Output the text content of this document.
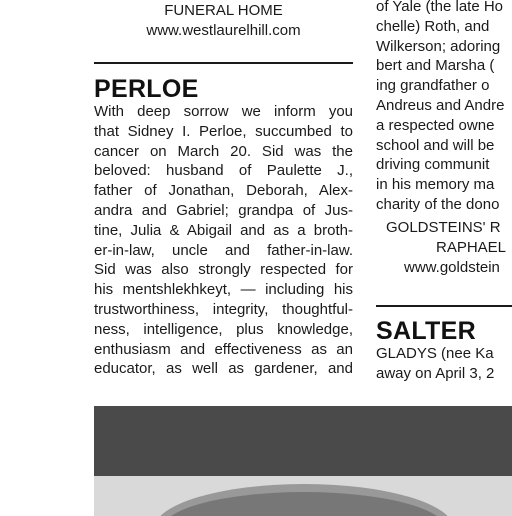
FUNERAL HOME
www.westlaurelhill.com
PERLOE
With deep sorrow we inform you
that Sidney I. Perloe, succumbed to
cancer on March 20. Sid was the
beloved: husband of Paulette J.,
father of Jonathan, Deborah, Alex-
andra and Gabriel; grandpa of Jus-
tine, Julia & Abigail and as a broth-
er-in-law, uncle and father-in-law.
Sid was also strongly respected for
his mentshlekhkeyt, — including his
trustworthiness, integrity, thoughtful-
ness, intelligence, plus knowledge,
enthusiasm and effectiveness as an
educator, as well as gardener, and
of Yale (the late Ho
chelle) Roth, and
Wilkerson; adoring
bert and Marsha (
ing grandfather o
Andreus and Andre
a respected owne
school and will be
driving communit
in his memory ma
charity of the dono
GOLDSTEINS' R
RAPHAEL
www.goldstein
SALTER
GLADYS (nee Ka
away on April 3, 2
